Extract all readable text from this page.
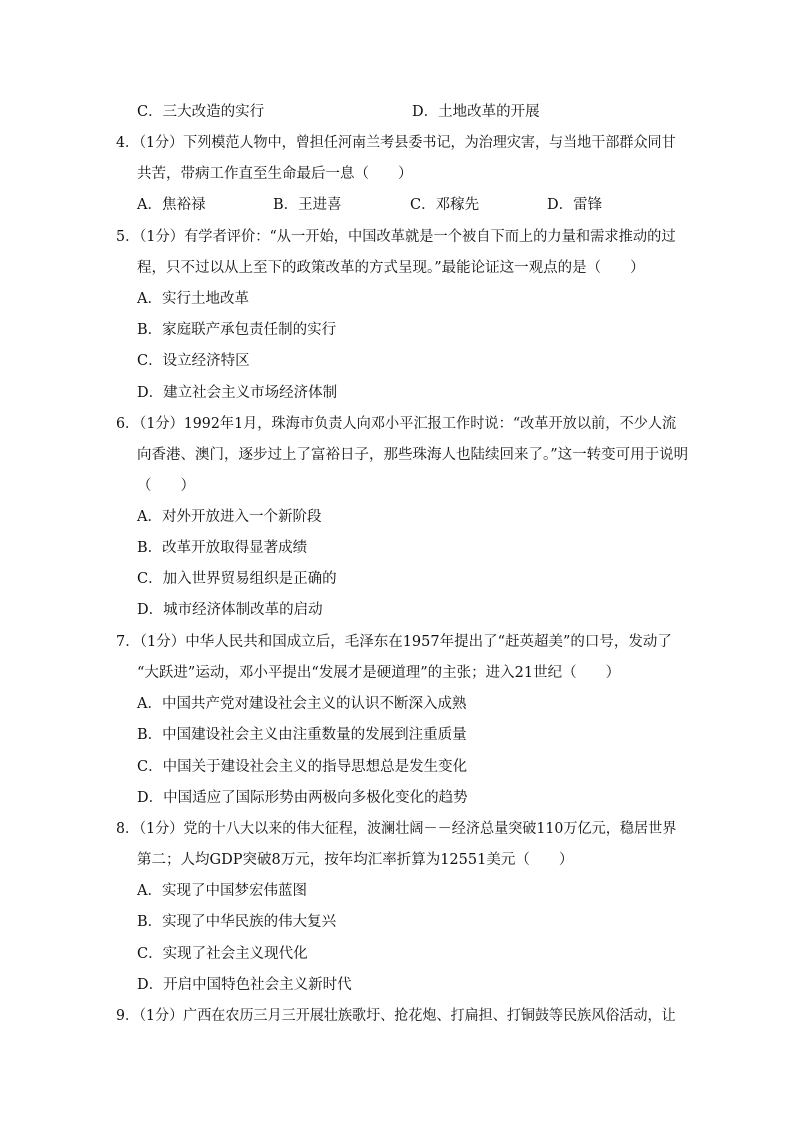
C．三大改造的实行	D．土地改革的开展
4．（1分）下列模范人物中，曾担任河南兰考县委书记，为治理灾害，与当地干部群众同甘
共苦，带病工作直至生命最后一息（　　）
A．焦裕禄	B．王进喜	C．邓稼先	D．雷锋
5．（1分）有学者评价：“从一开始，中国改革就是一个被自下而上的力量和需求推动的过
程，只不过以从上至下的政策改革的方式呈现。”最能论证这一观点的是（　　）
A．实行土地改革
B．家庭联产承包责任制的实行
C．设立经济特区
D．建立社会主义市场经济体制
6．（1分）1992年1月，珠海市负责人向邓小平汇报工作时说：“改革开放以前，不少人流
向香港、澳门，逐步过上了富裕日子，那些珠海人也陆续回来了。”这一转变可用于说明
（　　）
A．对外开放进入一个新阶段
B．改革开放取得显著成绩
C．加入世界贸易组织是正确的
D．城市经济体制改革的启动
7．（1分）中华人民共和国成立后，毛泽东在1957年提出了“赶英超美”的口号，发动了
“大跃进”运动，邓小平提出“发展才是硬道理”的主张；进入21世纪（　　）
A．中国共产党对建设社会主义的认识不断深入成熟
B．中国建设社会主义由注重数量的发展到注重质量
C．中国关于建设社会主义的指导思想总是发生变化
D．中国适应了国际形势由两极向多极化变化的趋势
8．（1分）党的十八大以来的伟大征程，波澜壮阔－－经济总量突破110万亿元，稳居世界
第二；人均GDP突破8万元，按年均汇率折算为12551美元（　　）
A．实现了中国梦宏伟蓝图
B．实现了中华民族的伟大复兴
C．实现了社会主义现代化
D．开启中国特色社会主义新时代
9．（1分）广西在农历三月三开展壮族歌圩、抢花炮、打扁担、打铜鼓等民族风俗活动，让
